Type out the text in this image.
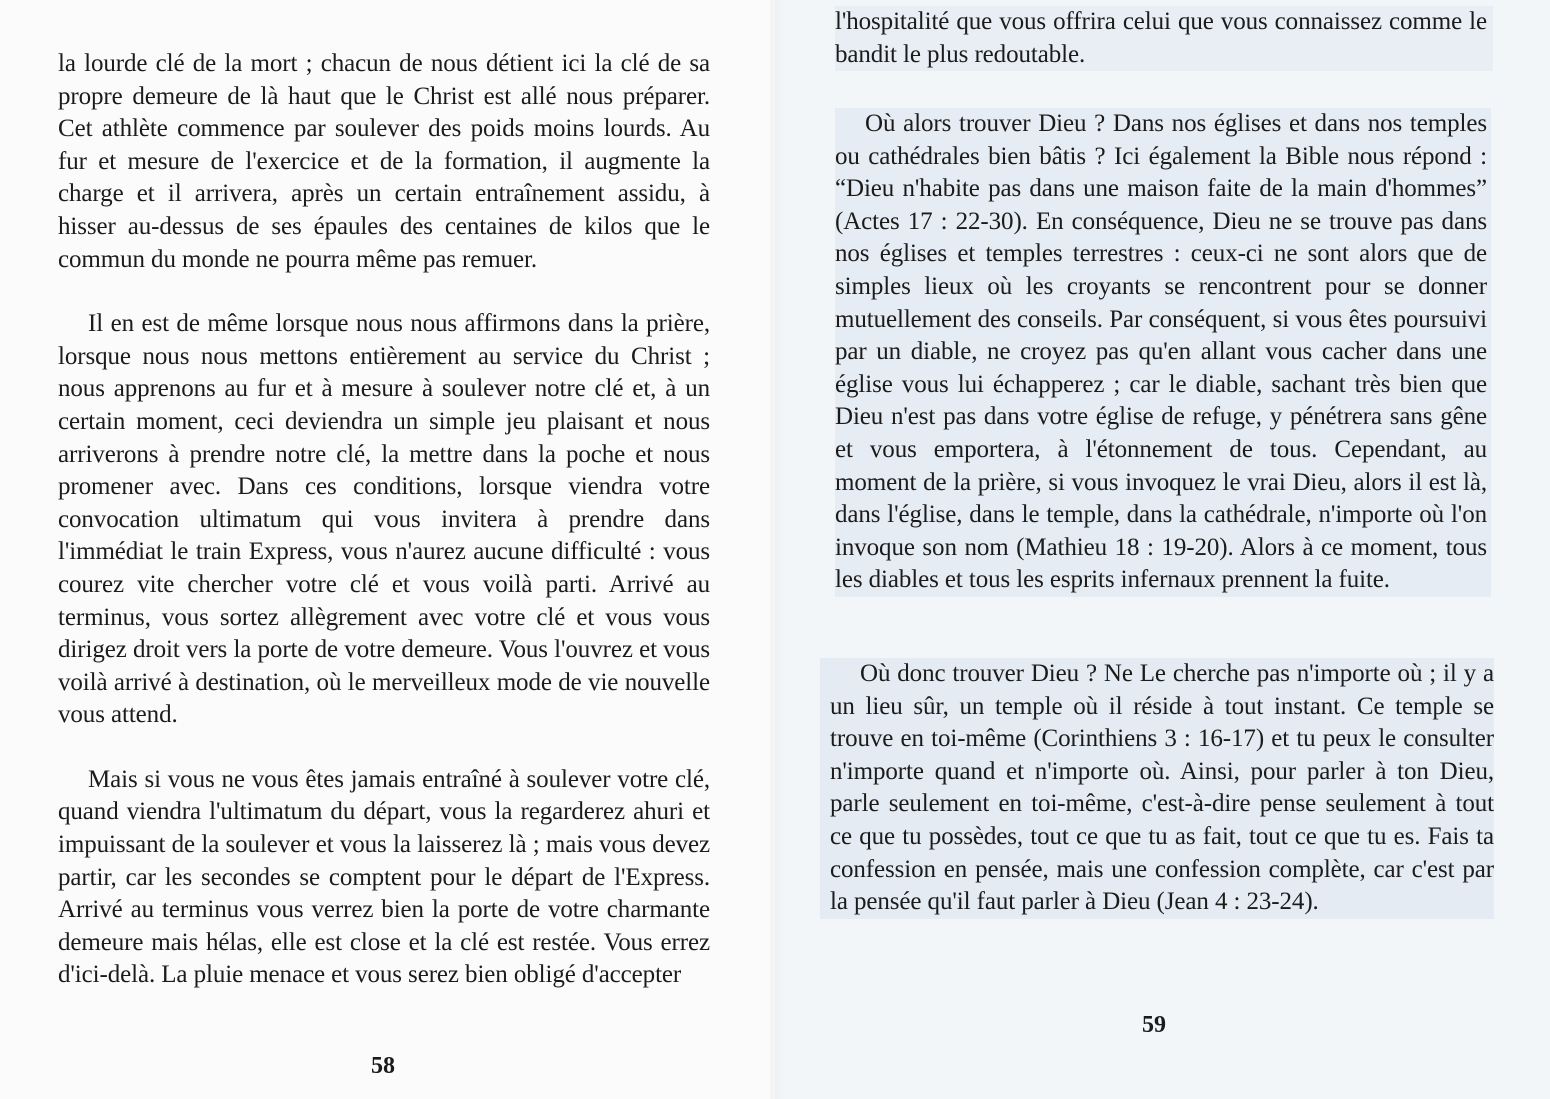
la lourde clé de la mort ; chacun de nous détient ici la clé de sa propre demeure de là haut que le Christ est allé nous préparer. Cet athlète commence par soulever des poids moins lourds. Au fur et mesure de l'exercice et de la formation, il augmente la charge et il arrivera, après un certain entraînement assidu, à hisser au-dessus de ses épaules des centaines de kilos que le commun du monde ne pourra même pas remuer.

Il en est de même lorsque nous nous affirmons dans la prière, lorsque nous nous mettons entièrement au service du Christ ; nous apprenons au fur et à mesure à soulever notre clé et, à un certain moment, ceci deviendra un simple jeu plaisant et nous arriverons à prendre notre clé, la mettre dans la poche et nous promener avec. Dans ces conditions, lorsque viendra votre convocation ultimatum qui vous invitera à prendre dans l'immédiat le train Express, vous n'aurez aucune difficulté : vous courez vite chercher votre clé et vous voilà parti. Arrivé au terminus, vous sortez allègrement avec votre clé et vous vous dirigez droit vers la porte de votre demeure. Vous l'ouvrez et vous voilà arrivé à destination, où le merveilleux mode de vie nouvelle vous attend.

Mais si vous ne vous êtes jamais entraîné à soulever votre clé, quand viendra l'ultimatum du départ, vous la regarderez ahuri et impuissant de la soulever et vous la laisserez là ; mais vous devez partir, car les secondes se comptent pour le départ de l'Express. Arrivé au terminus vous verrez bien la porte de votre charmante demeure mais hélas, elle est close et la clé est restée. Vous errez d'ici-delà. La pluie menace et vous serez bien obligé d'accepter

58

l'hospitalité que vous offrira celui que vous connaissez comme le bandit le plus redoutable.

Où alors trouver Dieu ? Dans nos églises et dans nos temples ou cathédrales bien bâtis ? Ici également la Bible nous répond : “Dieu n'habite pas dans une maison faite de la main d'hommes” (Actes 17 : 22-30). En conséquence, Dieu ne se trouve pas dans nos églises et temples terrestres : ceux-ci ne sont alors que de simples lieux où les croyants se rencontrent pour se donner mutuellement des conseils. Par conséquent, si vous êtes poursuivi par un diable, ne croyez pas qu'en allant vous cacher dans une église vous lui échapperez ; car le diable, sachant très bien que Dieu n'est pas dans votre église de refuge, y pénétrera sans gêne et vous emportera, à l'étonnement de tous. Cependant, au moment de la prière, si vous invoquez le vrai Dieu, alors il est là, dans l'église, dans le temple, dans la cathédrale, n'importe où l'on invoque son nom (Mathieu 18 : 19-20). Alors à ce moment, tous les diables et tous les esprits infernaux prennent la fuite.

Où donc trouver Dieu ? Ne Le cherche pas n'importe où ; il y a un lieu sûr, un temple où il réside à tout instant. Ce temple se trouve en toi-même (Corinthiens 3 : 16-17) et tu peux le consulter n'importe quand et n'importe où. Ainsi, pour parler à ton Dieu, parle seulement en toi-même, c'est-à-dire pense seulement à tout ce que tu possèdes, tout ce que tu as fait, tout ce que tu es. Fais ta confession en pensée, mais une confession complète, car c'est par la pensée qu'il faut parler à Dieu (Jean 4 : 23-24).

59
